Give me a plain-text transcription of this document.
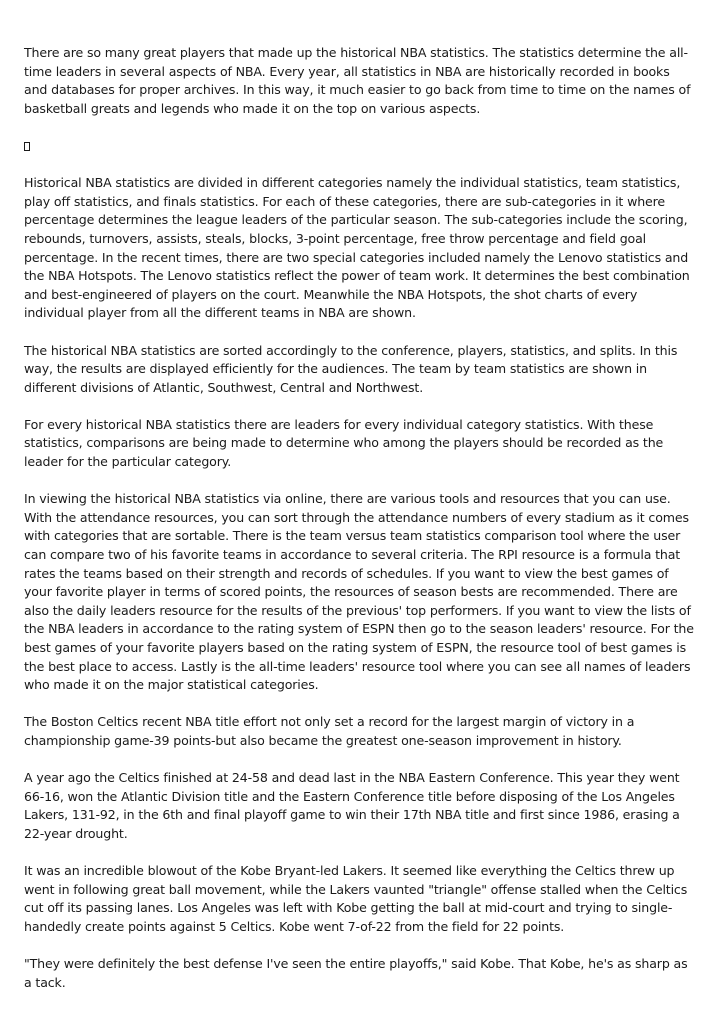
There are so many great players that made up the historical NBA statistics. The statistics determine the all-time leaders in several aspects of NBA. Every year, all statistics in NBA are historically recorded in books and databases for proper archives. In this way, it much easier to go back from time to time on the names of basketball greats and legends who made it on the top on various aspects.

Historical NBA statistics are divided in different categories namely the individual statistics, team statistics, play off statistics, and finals statistics. For each of these categories, there are sub-categories in it where percentage determines the league leaders of the particular season. The sub-categories include the scoring, rebounds, turnovers, assists, steals, blocks, 3-point percentage, free throw percentage and field goal percentage. In the recent times, there are two special categories included namely the Lenovo statistics and the NBA Hotspots. The Lenovo statistics reflect the power of team work. It determines the best combination and best-engineered of players on the court. Meanwhile the NBA Hotspots, the shot charts of every individual player from all the different teams in NBA are shown.

The historical NBA statistics are sorted accordingly to the conference, players, statistics, and splits. In this way, the results are displayed efficiently for the audiences. The team by team statistics are shown in different divisions of Atlantic, Southwest, Central and Northwest.

For every historical NBA statistics there are leaders for every individual category statistics. With these statistics, comparisons are being made to determine who among the players should be recorded as the leader for the particular category.

In viewing the historical NBA statistics via online, there are various tools and resources that you can use. With the attendance resources, you can sort through the attendance numbers of every stadium as it comes with categories that are sortable. There is the team versus team statistics comparison tool where the user can compare two of his favorite teams in accordance to several criteria. The RPI resource is a formula that rates the teams based on their strength and records of schedules. If you want to view the best games of your favorite player in terms of scored points, the resources of season bests are recommended. There are also the daily leaders resource for the results of the previous' top performers. If you want to view the lists of the NBA leaders in accordance to the rating system of ESPN then go to the season leaders' resource. For the best games of your favorite players based on the rating system of ESPN, the resource tool of best games is the best place to access. Lastly is the all-time leaders' resource tool where you can see all names of leaders who made it on the major statistical categories.

The Boston Celtics recent NBA title effort not only set a record for the largest margin of victory in a championship game-39 points-but also became the greatest one-season improvement in history.

A year ago the Celtics finished at 24-58 and dead last in the NBA Eastern Conference. This year they went 66-16, won the Atlantic Division title and the Eastern Conference title before disposing of the Los Angeles Lakers, 131-92, in the 6th and final playoff game to win their 17th NBA title and first since 1986, erasing a 22-year drought.

It was an incredible blowout of the Kobe Bryant-led Lakers. It seemed like everything the Celtics threw up went in following great ball movement, while the Lakers vaunted "triangle" offense stalled when the Celtics cut off its passing lanes. Los Angeles was left with Kobe getting the ball at mid-court and trying to single-handedly create points against 5 Celtics. Kobe went 7-of-22 from the field for 22 points.

"They were definitely the best defense I've seen the entire playoffs," said Kobe. That Kobe, he's as sharp as a tack.
